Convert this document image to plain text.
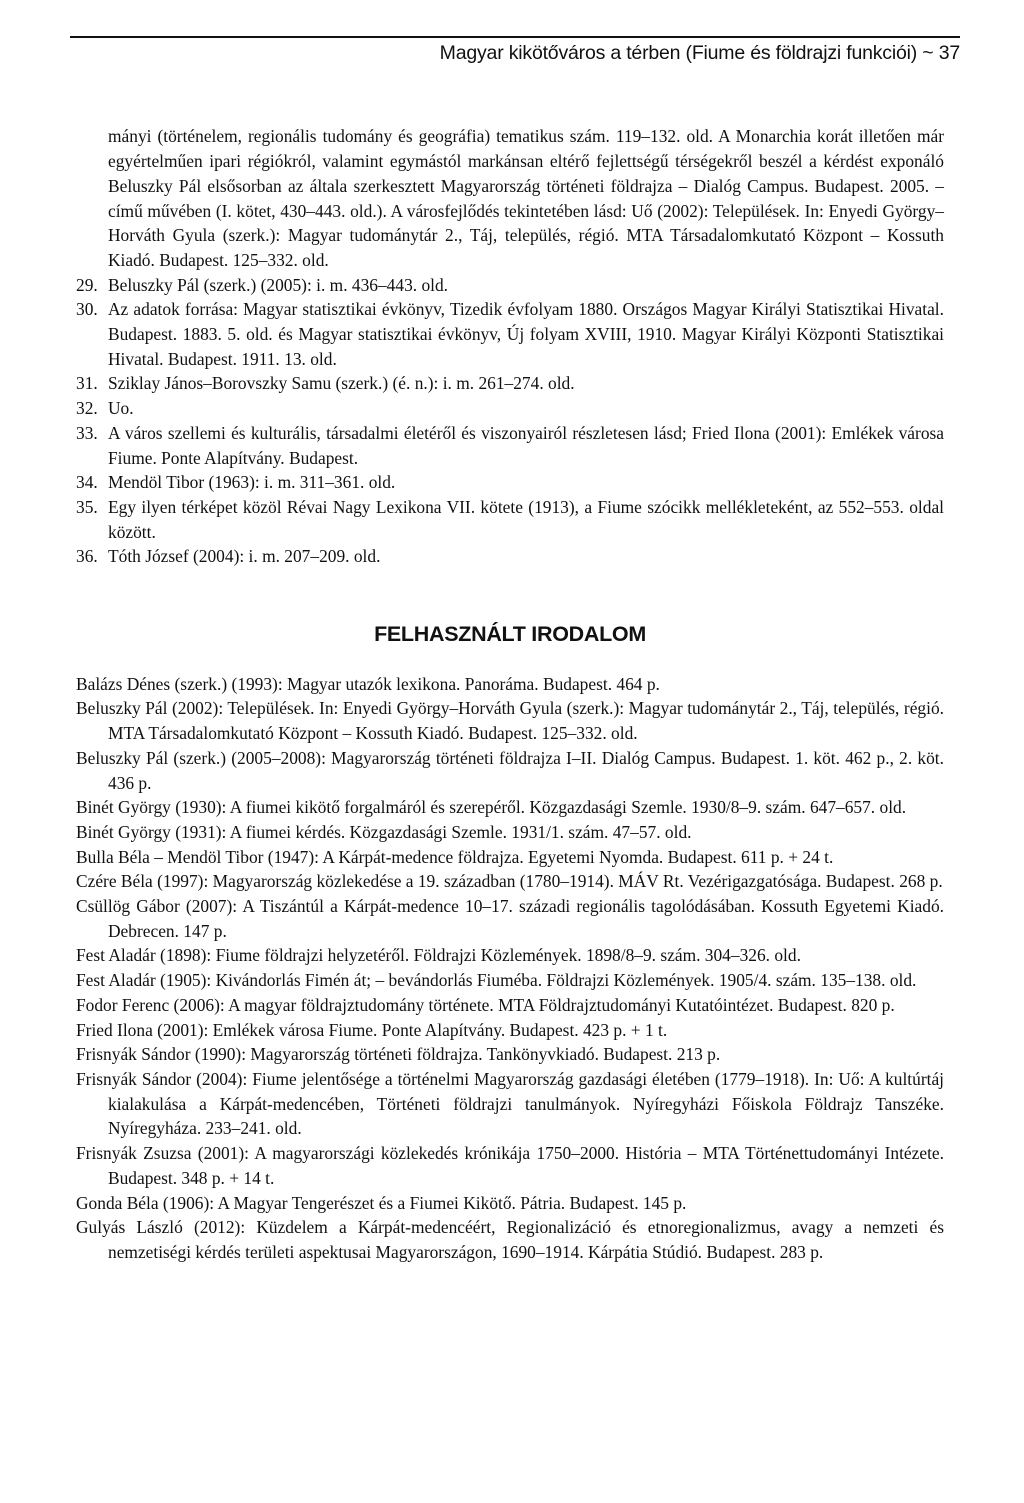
Magyar kikötőváros a térben (Fiume és földrajzi funkciói) ~ 37

mányi (történelem, regionális tudomány és geográfia) tematikus szám. 119–132. old. A Monarchia korát illetően már egyértelműen ipari régiókról, valamint egymástól markánsan eltérő fejlettségű térségekről beszél a kérdést exponáló Beluszky Pál elsősorban az általa szerkesztett Magyarország történeti földrajza – Dialóg Campus. Budapest. 2005. – című művében (I. kötet, 430–443. old.). A városfejlődés tekintetében lásd: Uő (2002): Települések. In: Enyedi György–Horváth Gyula (szerk.): Magyar tudománytár 2., Táj, település, régió. MTA Társadalomkutató Központ – Kossuth Kiadó. Budapest. 125–332. old.

29. Beluszky Pál (szerk.) (2005): i. m. 436–443. old.
30. Az adatok forrása: Magyar statisztikai évkönyv, Tizedik évfolyam 1880. Országos Magyar Királyi Statisztikai Hivatal. Budapest. 1883. 5. old. és Magyar statisztikai évkönyv, Új folyam XVIII, 1910. Magyar Királyi Központi Statisztikai Hivatal. Budapest. 1911. 13. old.
31. Sziklay János–Borovszky Samu (szerk.) (é. n.): i. m. 261–274. old.
32. Uo.
33. A város szellemi és kulturális, társadalmi életéről és viszonyairól részletesen lásd; Fried Ilona (2001): Emlékek városa Fiume. Ponte Alapítvány. Budapest.
34. Mendöl Tibor (1963): i. m. 311–361. old.
35. Egy ilyen térképet közöl Révai Nagy Lexikona VII. kötete (1913), a Fiume szócikk mellékleteként, az 552–553. oldal között.
36. Tóth József (2004): i. m. 207–209. old.
FELHASZNÁLT IRODALOM

Balázs Dénes (szerk.) (1993): Magyar utazók lexikona. Panoráma. Budapest. 464 p.

Beluszky Pál (2002): Települések. In: Enyedi György–Horváth Gyula (szerk.): Magyar tudománytár 2., Táj, település, régió. MTA Társadalomkutató Központ – Kossuth Kiadó. Budapest. 125–332. old.

Beluszky Pál (szerk.) (2005–2008): Magyarország történeti földrajza I–II. Dialóg Campus. Budapest. 1. köt. 462 p., 2. köt. 436 p.

Binét György (1930): A fiumei kikötő forgalmáról és szerepéről. Közgazdasági Szemle. 1930/8–9. szám. 647–657. old.

Binét György (1931): A fiumei kérdés. Közgazdasági Szemle. 1931/1. szám. 47–57. old.

Bulla Béla – Mendöl Tibor (1947): A Kárpát-medence földrajza. Egyetemi Nyomda. Budapest. 611 p. + 24 t.

Czére Béla (1997): Magyarország közlekedése a 19. században (1780–1914). MÁV Rt. Vezérigazgatósága. Budapest. 268 p.

Csüllög Gábor (2007): A Tiszántúl a Kárpát-medence 10–17. századi regionális tagolódásában. Kossuth Egyetemi Kiadó. Debrecen. 147 p.

Fest Aladár (1898): Fiume földrajzi helyzetéről. Földrajzi Közlemények. 1898/8–9. szám. 304–326. old.

Fest Aladár (1905): Kivándorlás Fimén át; – bevándorlás Fiuméba. Földrajzi Közlemények. 1905/4. szám. 135–138. old.

Fodor Ferenc (2006): A magyar földrajztudomány története. MTA Földrajztudományi Kutatóintézet. Budapest. 820 p.

Fried Ilona (2001): Emlékek városa Fiume. Ponte Alapítvány. Budapest. 423 p. + 1 t.

Frisnyák Sándor (1990): Magyarország történeti földrajza. Tankönyvkiadó. Budapest. 213 p.

Frisnyák Sándor (2004): Fiume jelentősége a történelmi Magyarország gazdasági életében (1779–1918). In: Uő: A kultúrtáj kialakulása a Kárpát-medencében, Történeti földrajzi tanulmányok. Nyíregyházi Főiskola Földrajz Tanszéke. Nyíregyháza. 233–241. old.

Frisnyák Zsuzsa (2001): A magyarországi közlekedés krónikája 1750–2000. História – MTA Történettudományi Intézete. Budapest. 348 p. + 14 t.

Gonda Béla (1906): A Magyar Tengerészet és a Fiumei Kikötő. Pátria. Budapest. 145 p.

Gulyás László (2012): Küzdelem a Kárpát-medencéért, Regionalizáció és etnoregionalizmus, avagy a nemzeti és nemzetiségi kérdés területi aspektusai Magyarországon, 1690–1914. Kárpátia Stúdió. Budapest. 283 p.
